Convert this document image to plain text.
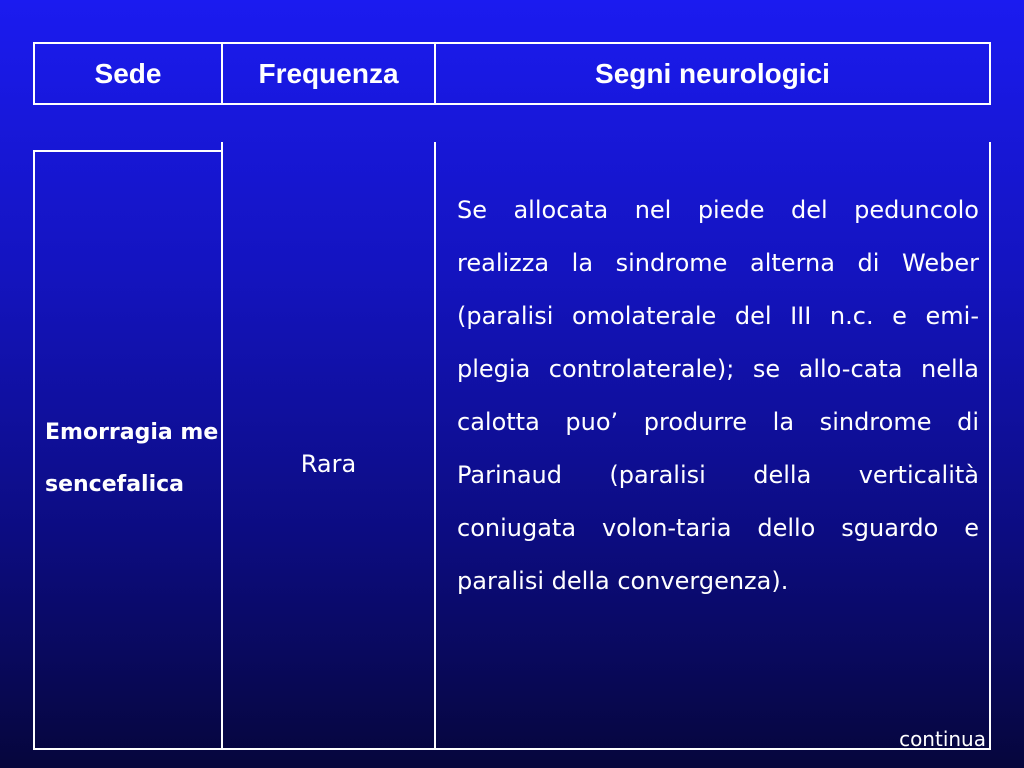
Sede	Frequenza	Segni neurologici
Emorragia mesencefalica
Rara
Se allocata nel piede del peduncolo realizza la sindrome alterna di Weber (paralisi omolaterale del III n.c. e emi-plegia controlaterale); se allo-cata nella calotta puo’ produrre la sindrome di Parinaud (paralisi della verticalità coniugata volon-taria dello sguardo e paralisi della convergenza).
continua
